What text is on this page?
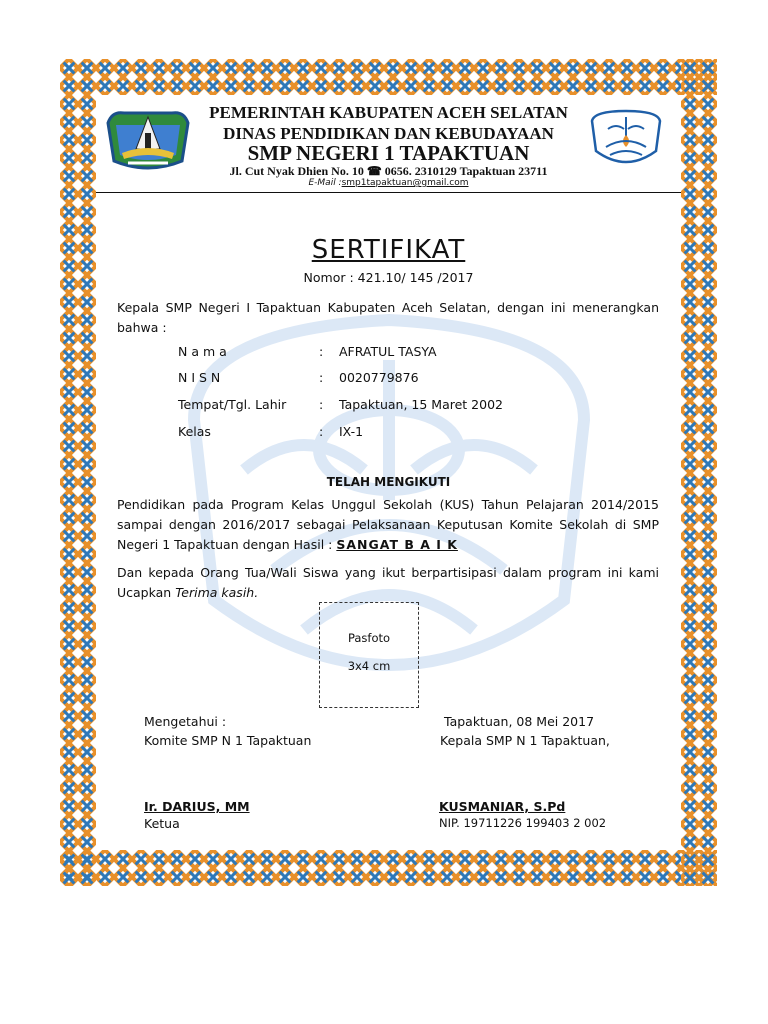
PEMERINTAH KABUPATEN ACEH SELATAN
DINAS PENDIDIKAN DAN KEBUDAYAAN
SMP NEGERI 1 TAPAKTUAN
Jl. Cut Nyak Dhien No. 10 ☎ 0656. 2310129 Tapaktuan 23711
E-Mail :smp1tapaktuan@gmail.com
SERTIFIKAT
Nomor : 421.10/ 145 /2017
Kepala SMP Negeri I Tapaktuan Kabupaten Aceh Selatan, dengan ini menerangkan bahwa :
N a m a	: AFRATUL TASYA
N I S N	: 0020779876
Tempat/Tgl. Lahir	: Tapaktuan, 15 Maret 2002
Kelas	: IX-1
TELAH MENGIKUTI
Pendidikan pada Program Kelas Unggul Sekolah (KUS) Tahun Pelajaran 2014/2015 sampai dengan 2016/2017 sebagai Pelaksanaan Keputusan Komite Sekolah di SMP Negeri 1 Tapaktuan dengan Hasil : SANGAT B A I K
Dan kepada Orang Tua/Wali Siswa yang ikut berpartisipasi dalam program ini kami Ucapkan Terima kasih.
Pasfoto
3x4 cm
Mengetahui :
Komite SMP N 1 Tapaktuan
Ir. DARIUS, MM
Ketua
Tapaktuan, 08 Mei 2017
Kepala SMP N 1 Tapaktuan,
KUSMANIAR, S.Pd
NIP. 19711226 199403 2 002
